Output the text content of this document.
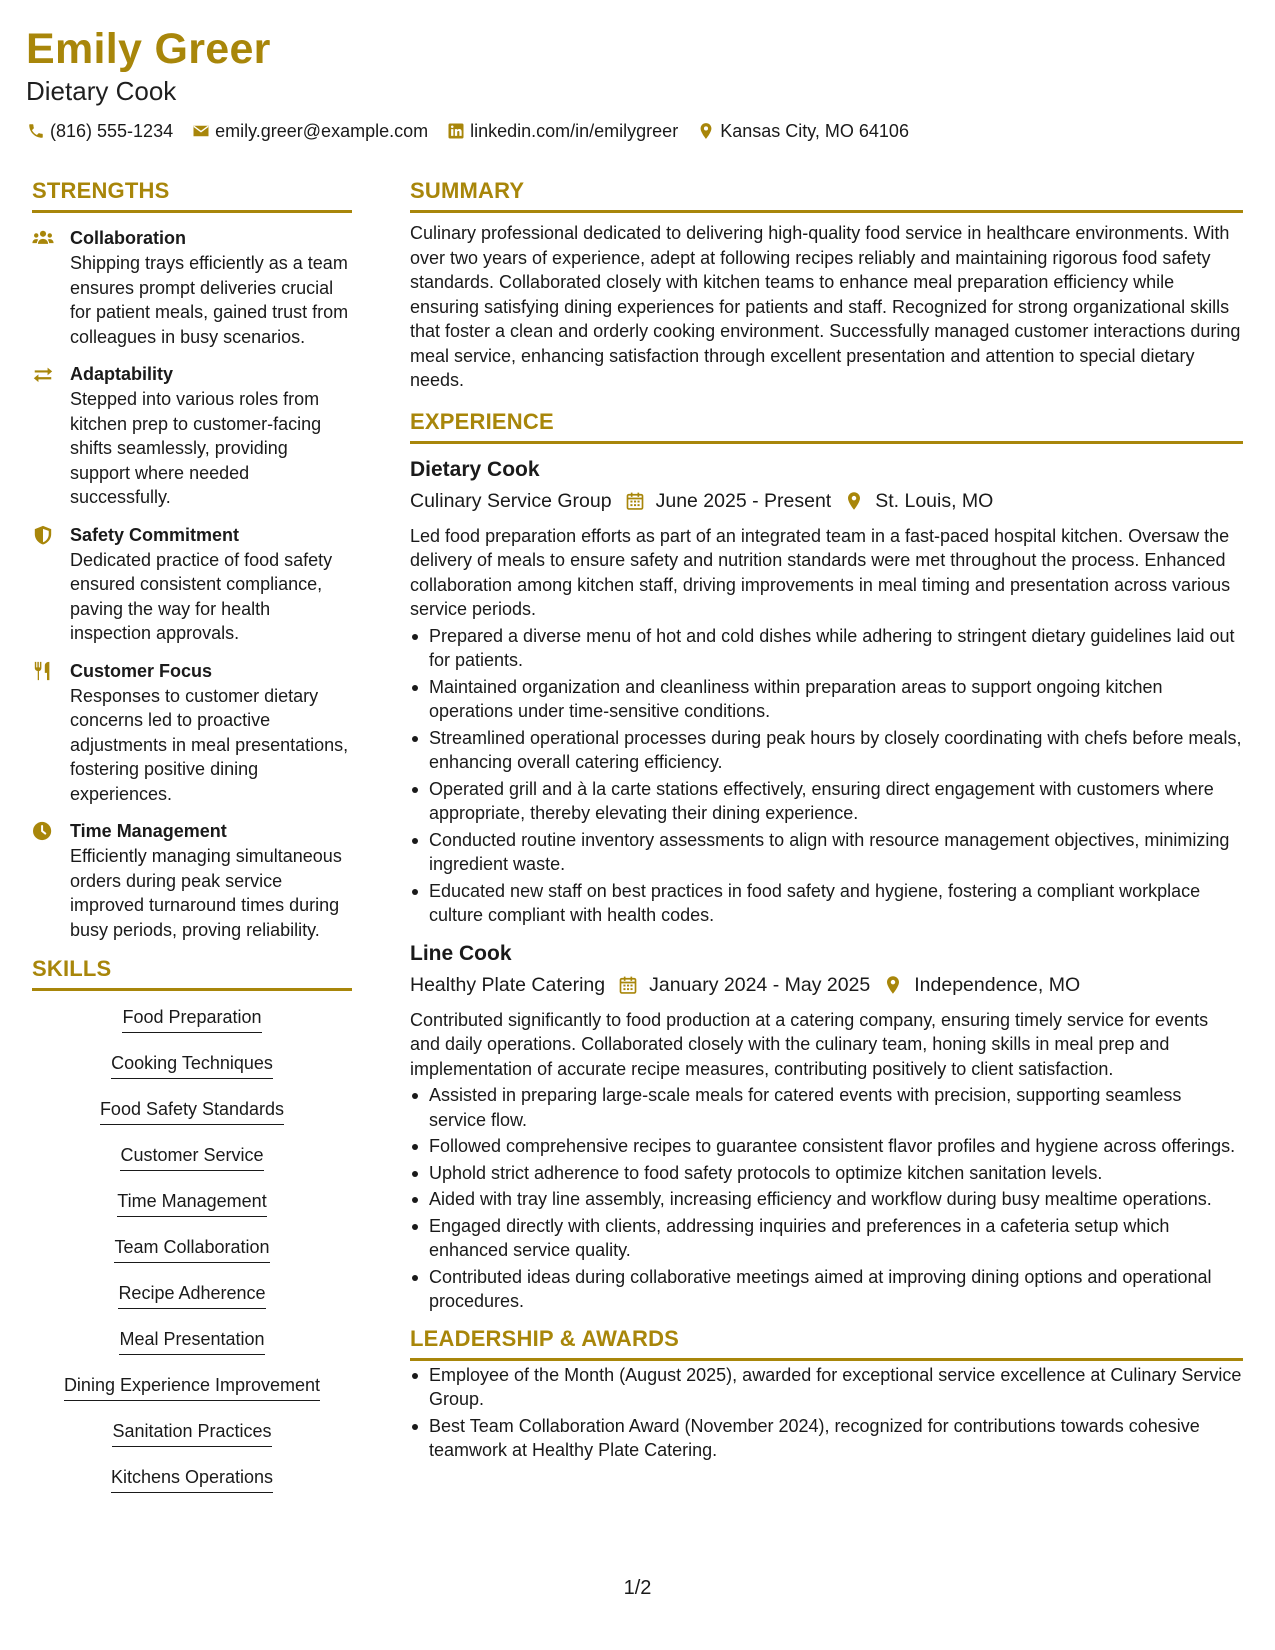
Emily Greer
Dietary Cook
(816) 555-1234 emily.greer@example.com linkedin.com/in/emilygreer Kansas City, MO 64106
STRENGTHS
Collaboration
Shipping trays efficiently as a team ensures prompt deliveries crucial for patient meals, gained trust from colleagues in busy scenarios.
Adaptability
Stepped into various roles from kitchen prep to customer-facing shifts seamlessly, providing support where needed successfully.
Safety Commitment
Dedicated practice of food safety ensured consistent compliance, paving the way for health inspection approvals.
Customer Focus
Responses to customer dietary concerns led to proactive adjustments in meal presentations, fostering positive dining experiences.
Time Management
Efficiently managing simultaneous orders during peak service improved turnaround times during busy periods, proving reliability.
SKILLS
Food Preparation
Cooking Techniques
Food Safety Standards
Customer Service
Time Management
Team Collaboration
Recipe Adherence
Meal Presentation
Dining Experience Improvement
Sanitation Practices
Kitchens Operations
SUMMARY
Culinary professional dedicated to delivering high-quality food service in healthcare environments. With over two years of experience, adept at following recipes reliably and maintaining rigorous food safety standards. Collaborated closely with kitchen teams to enhance meal preparation efficiency while ensuring satisfying dining experiences for patients and staff. Recognized for strong organizational skills that foster a clean and orderly cooking environment. Successfully managed customer interactions during meal service, enhancing satisfaction through excellent presentation and attention to special dietary needs.
EXPERIENCE
Dietary Cook
Culinary Service Group June 2025 - Present St. Louis, MO
Led food preparation efforts as part of an integrated team in a fast-paced hospital kitchen. Oversaw the delivery of meals to ensure safety and nutrition standards were met throughout the process. Enhanced collaboration among kitchen staff, driving improvements in meal timing and presentation across various service periods.
Prepared a diverse menu of hot and cold dishes while adhering to stringent dietary guidelines laid out for patients.
Maintained organization and cleanliness within preparation areas to support ongoing kitchen operations under time-sensitive conditions.
Streamlined operational processes during peak hours by closely coordinating with chefs before meals, enhancing overall catering efficiency.
Operated grill and à la carte stations effectively, ensuring direct engagement with customers where appropriate, thereby elevating their dining experience.
Conducted routine inventory assessments to align with resource management objectives, minimizing ingredient waste.
Educated new staff on best practices in food safety and hygiene, fostering a compliant workplace culture compliant with health codes.
Line Cook
Healthy Plate Catering January 2024 - May 2025 Independence, MO
Contributed significantly to food production at a catering company, ensuring timely service for events and daily operations. Collaborated closely with the culinary team, honing skills in meal prep and implementation of accurate recipe measures, contributing positively to client satisfaction.
Assisted in preparing large-scale meals for catered events with precision, supporting seamless service flow.
Followed comprehensive recipes to guarantee consistent flavor profiles and hygiene across offerings.
Uphold strict adherence to food safety protocols to optimize kitchen sanitation levels.
Aided with tray line assembly, increasing efficiency and workflow during busy mealtime operations.
Engaged directly with clients, addressing inquiries and preferences in a cafeteria setup which enhanced service quality.
Contributed ideas during collaborative meetings aimed at improving dining options and operational procedures.
LEADERSHIP & AWARDS
Employee of the Month (August 2025), awarded for exceptional service excellence at Culinary Service Group.
Best Team Collaboration Award (November 2024), recognized for contributions towards cohesive teamwork at Healthy Plate Catering.
1/2
